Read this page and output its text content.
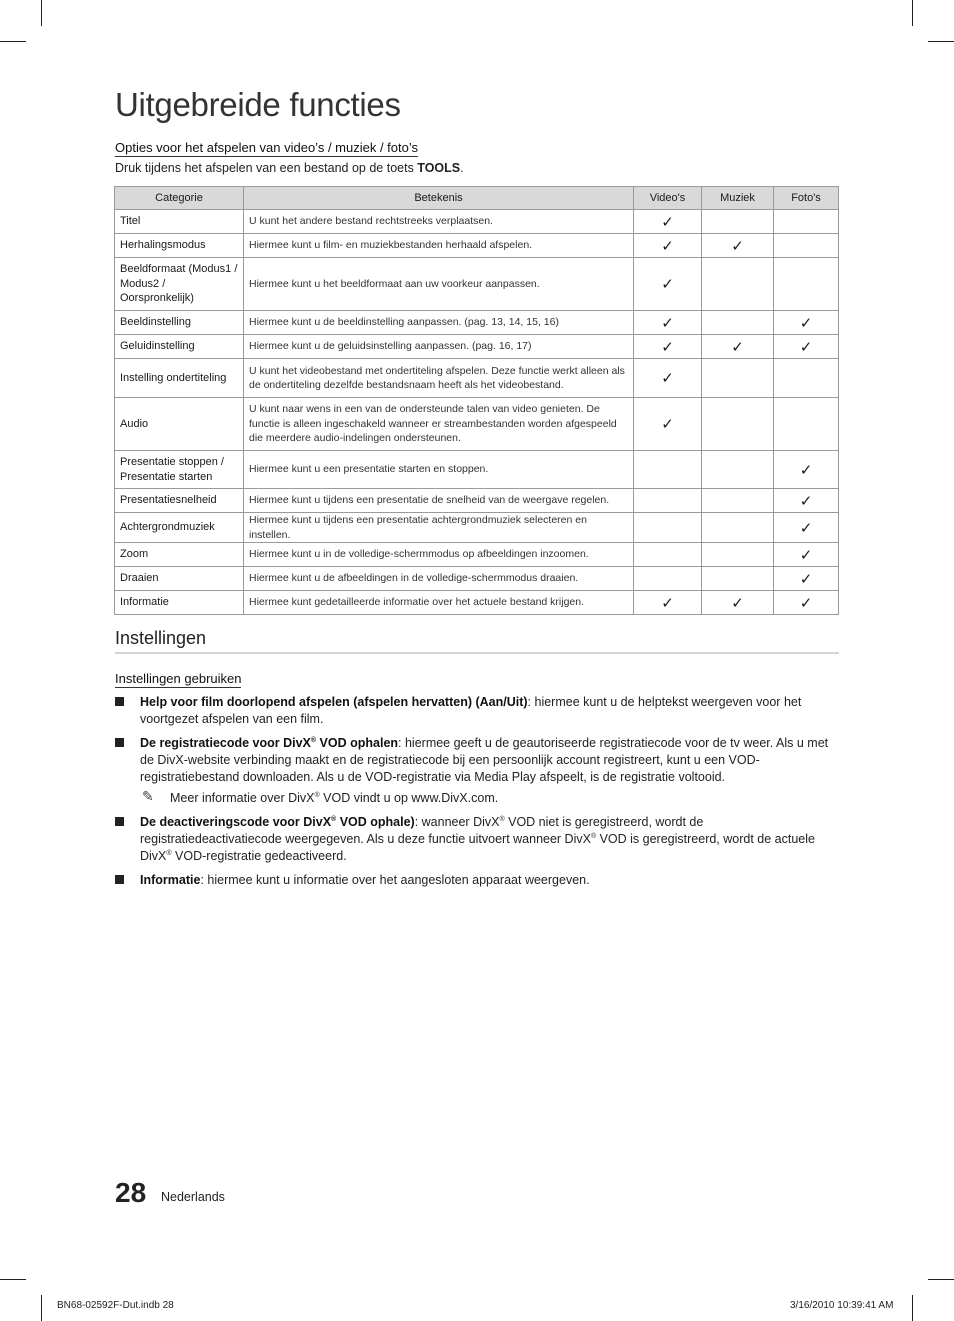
Uitgebreide functies
Opties voor het afspelen van video’s / muziek / foto’s
Druk tijdens het afspelen van een bestand op de toets TOOLS.
Categorie	Betekenis	Video's	Muziek	Foto's
Titel	U kunt het andere bestand rechtstreeks verplaatsen.	✓		
Herhalingsmodus	Hiermee kunt u film- en muziekbestanden herhaald afspelen.	✓	✓	
Beeldformaat (Modus1 / Modus2 / Oorspronkelijk)	Hiermee kunt u het beeldformaat aan uw voorkeur aanpassen.	✓		
Beeldinstelling	Hiermee kunt u de beeldinstelling aanpassen. (pag. 13, 14, 15, 16)	✓		✓
Geluidinstelling	Hiermee kunt u de geluidsinstelling aanpassen. (pag. 16, 17)	✓	✓	✓
Instelling ondertiteling	U kunt het videobestand met ondertiteling afspelen. Deze functie werkt alleen als de ondertiteling dezelfde bestandsnaam heeft als het videobestand.	✓		
Audio	U kunt naar wens in een van de ondersteunde talen van video genieten. De functie is alleen ingeschakeld wanneer er streambestanden worden afgespeeld die meerdere audio-indelingen ondersteunen.	✓		
Presentatie stoppen / Presentatie starten	Hiermee kunt u een presentatie starten en stoppen.			✓
Presentatiesnelheid	Hiermee kunt u tijdens een presentatie de snelheid van de weergave regelen.			✓
Achtergrondmuziek	Hiermee kunt u tijdens een presentatie achtergrondmuziek selecteren en instellen.			✓
Zoom	Hiermee kunt u in de volledige-schermmodus op afbeeldingen inzoomen.			✓
Draaien	Hiermee kunt u de afbeeldingen in de volledige-schermmodus draaien.			✓
Informatie	Hiermee kunt gedetailleerde informatie over het actuele bestand krijgen.	✓	✓	✓
Instellingen
Instellingen gebruiken
Help voor film doorlopend afspelen (afspelen hervatten) (Aan/Uit): hiermee kunt u de helptekst weergeven voor het voortgezet afspelen van een film.
De registratiecode voor DivX® VOD ophalen: hiermee geeft u de geautoriseerde registratiecode voor de tv weer. Als u met de DivX-website verbinding maakt en de registratiecode bij een persoonlijk account registreert, kunt u een VOD-registratiebestand downloaden. Als u de VOD-registratie via Media Play afspeelt, is de registratie voltooid.
✎ Meer informatie over DivX® VOD vindt u op www.DivX.com.
De deactiveringscode voor DivX® VOD ophale): wanneer DivX® VOD niet is geregistreerd, wordt de registratiedeactivatiecode weergegeven. Als u deze functie uitvoert wanneer DivX® VOD is geregistreerd, wordt de actuele DivX® VOD-registratie gedeactiveerd.
Informatie: hiermee kunt u informatie over het aangesloten apparaat weergeven.
28 Nederlands
BN68-02592F-Dut.indb 28	3/16/2010 10:39:41 AM
